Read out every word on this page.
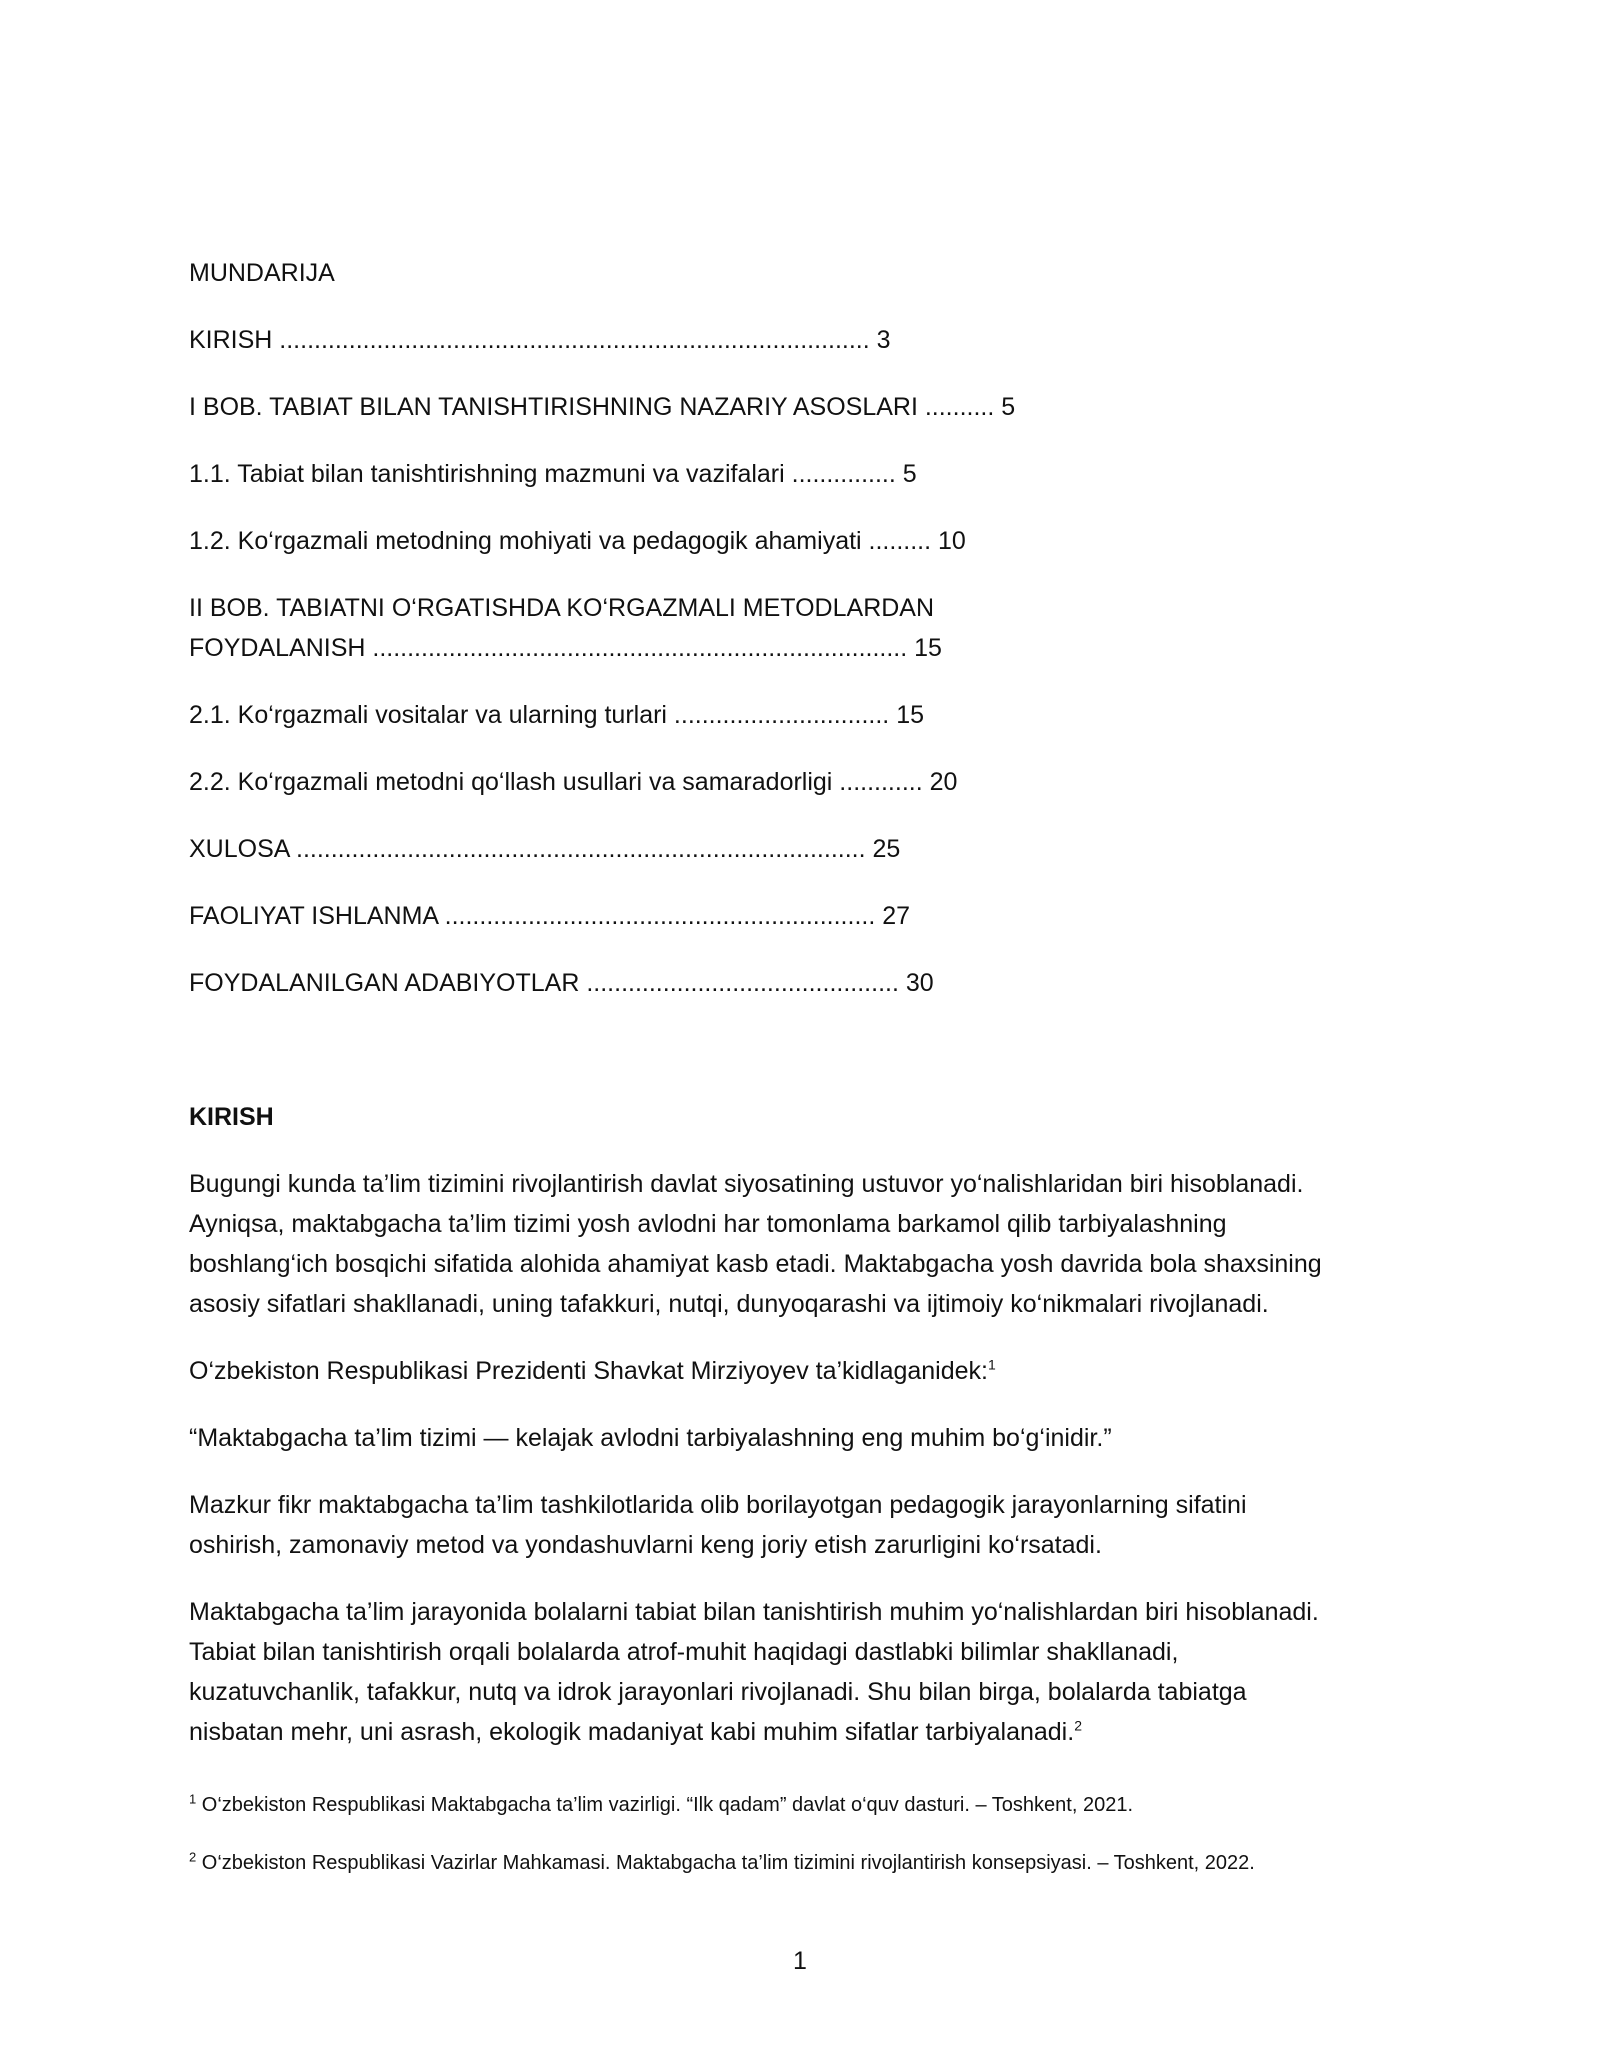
MUNDARIJA
KIRISH ..................................................................................... 3
I BOB. TABIAT BILAN TANISHTIRISHNING NAZARIY ASOSLARI .......... 5
1.1. Tabiat bilan tanishtirishning mazmuni va vazifalari ............... 5
1.2. Ko‘rgazmali metodning mohiyati va pedagogik ahamiyati ......... 10
II BOB. TABIATNI O‘RGATISHDA KO‘RGAZMALI METODLARDAN
FOYDALANISH ............................................................................. 15
2.1. Ko‘rgazmali vositalar va ularning turlari ............................... 15
2.2. Ko‘rgazmali metodni qo‘llash usullari va samaradorligi ............ 20
XULOSA .................................................................................. 25
FAOLIYAT ISHLANMA .............................................................. 27
FOYDALANILGAN ADABIYOTLAR ............................................. 30
KIRISH

Bugungi kunda ta’lim tizimini rivojlantirish davlat siyosatining ustuvor yo‘nalishlaridan biri hisoblanadi.
Ayniqsa, maktabgacha ta’lim tizimi yosh avlodni har tomonlama barkamol qilib tarbiyalashning
boshlang‘ich bosqichi sifatida alohida ahamiyat kasb etadi. Maktabgacha yosh davrida bola shaxsining
asosiy sifatlari shakllanadi, uning tafakkuri, nutqi, dunyoqarashi va ijtimoiy ko‘nikmalari rivojlanadi.

O‘zbekiston Respublikasi Prezidenti Shavkat Mirziyoyev ta’kidlaganidek:$^1$

“Maktabgacha ta’lim tizimi — kelajak avlodni tarbiyalashning eng muhim bo‘g‘inidir.”

Mazkur fikr maktabgacha ta’lim tashkilotlarida olib borilayotgan pedagogik jarayonlarning sifatini
oshirish, zamonaviy metod va yondashuvlarni keng joriy etish zarurligini ko‘rsatadi.

Maktabgacha ta’lim jarayonida bolalarni tabiat bilan tanishtirish muhim yo‘nalishlardan biri hisoblanadi.
Tabiat bilan tanishtirish orqali bolalarda atrof-muhit haqidagi dastlabki bilimlar shakllanadi,
kuzatuvchanlik, tafakkur, nutq va idrok jarayonlari rivojlanadi. Shu bilan birga, bolalarda tabiatga
nisbatan mehr, uni asrash, ekologik madaniyat kabi muhim sifatlar tarbiyalanadi.$^2$

$^1$ O‘zbekiston Respublikasi Maktabgacha ta’lim vazirligi. “Ilk qadam” davlat o‘quv dasturi. – Toshkent, 2021.
$^2$ O‘zbekiston Respublikasi Vazirlar Mahkamasi. Maktabgacha ta’lim tizimini rivojlantirish konsepsiyasi. – Toshkent, 2022.
1
